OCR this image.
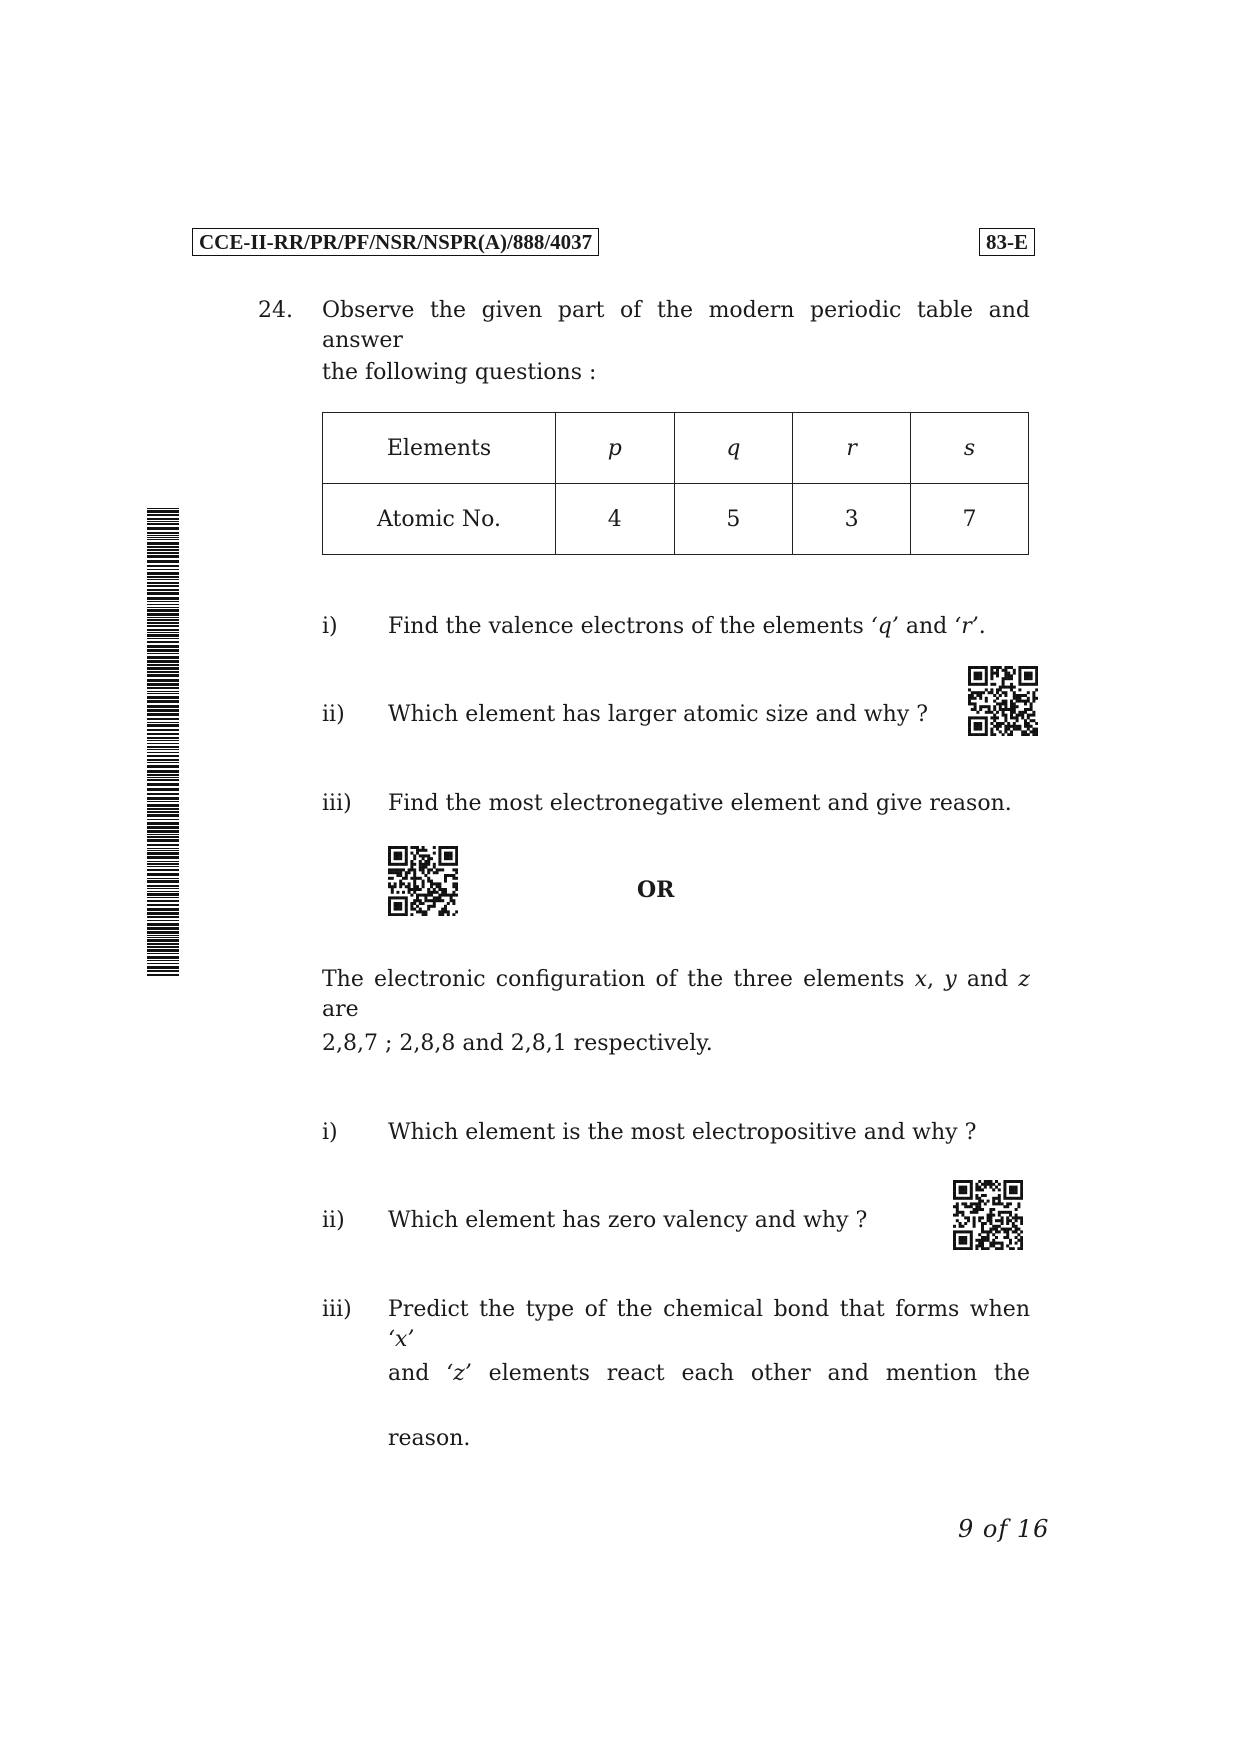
CCE-II-RR/PR/PF/NSR/NSPR(A)/888/4037	83-E
24. Observe the given part of the modern periodic table and answer
the following questions :
Elements	p	q	r	s
Atomic No.	4	5	3	7
i) Find the valence electrons of the elements ‘q’ and ‘r’.
ii) Which element has larger atomic size and why ?
iii) Find the most electronegative element and give reason.
OR
The electronic configuration of the three elements x, y and z are
2,8,7 ; 2,8,8 and 2,8,1 respectively.
i) Which element is the most electropositive and why ?
ii) Which element has zero valency and why ?
iii) Predict the type of the chemical bond that forms when ‘x’
and ‘z’ elements react each other and mention the
reason.
9 of 16
